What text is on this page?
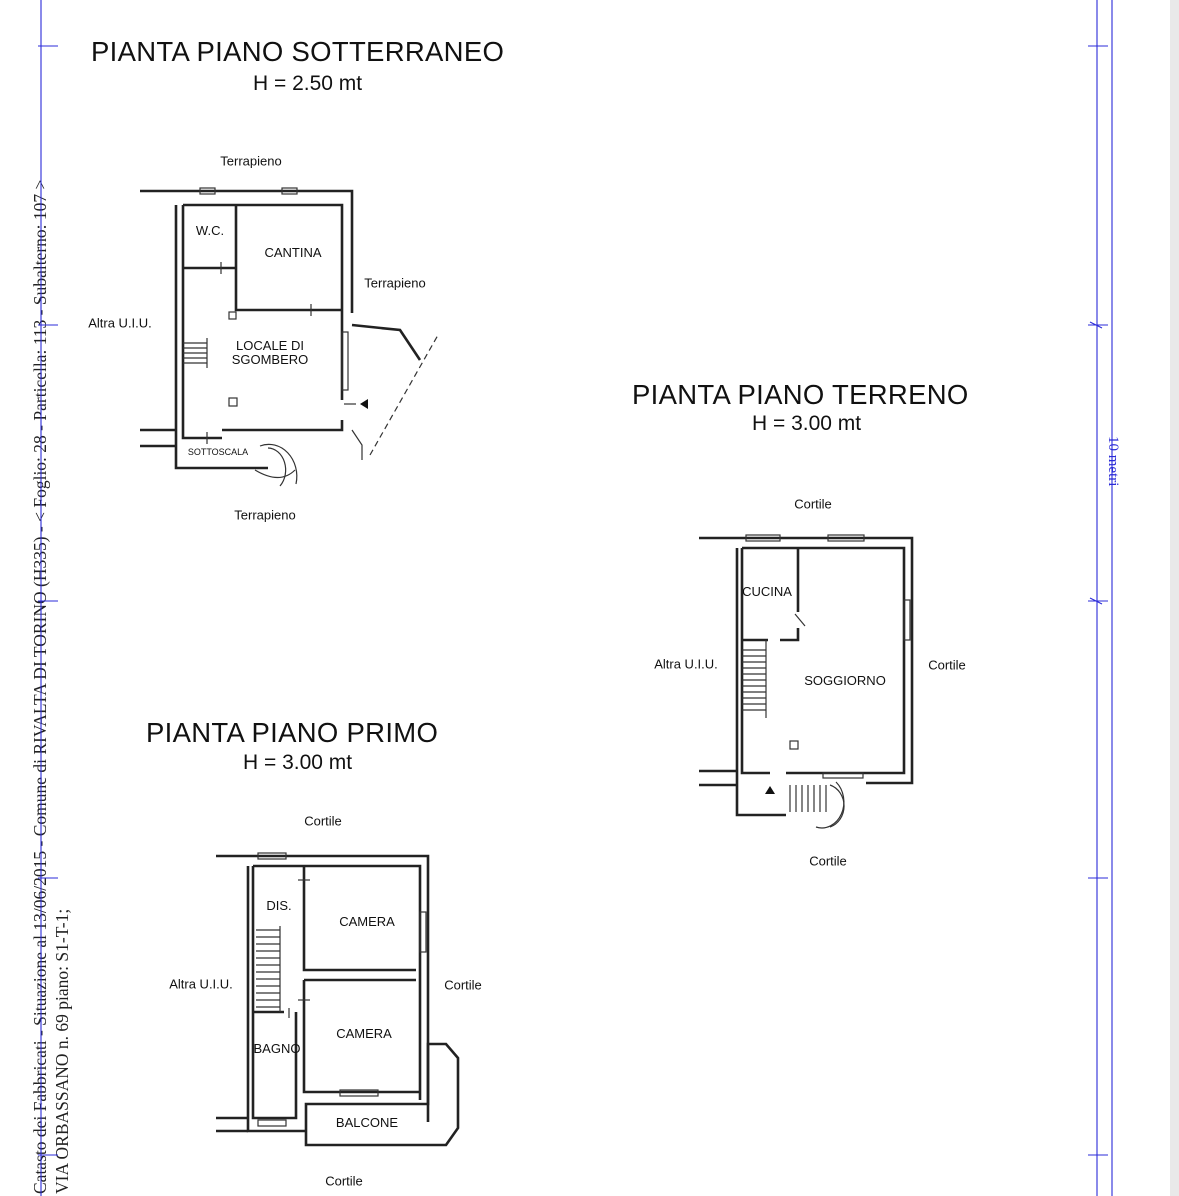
Catasto dei Fabbricati - Situazione al 13/06/2015 - Comune di RIVALTA DI TORINO (H335) - < Foglio: 28 - Particella: 113 - Subalterno: 107 > VIA ORBASSANO n. 69 piano: S1-T-1;
PIANTA PIANO SOTTERRANEO
H = 2.50 mt
Terrapieno
Terrapieno
Terrapieno
Altra U.I.U.
W.C.
CANTINA
LOCALE DI
SGOMBERO
SOTTOSCALA
PIANTA PIANO TERRENO
H = 3.00 mt
Cortile
Cortile
Cortile
Altra U.I.U.
CUCINA
SOGGIORNO
PIANTA PIANO PRIMO
H = 3.00 mt
Cortile
Cortile
Cortile
Altra U.I.U.
DIS.
CAMERA
CAMERA
BAGNO
BALCONE
10 metri
